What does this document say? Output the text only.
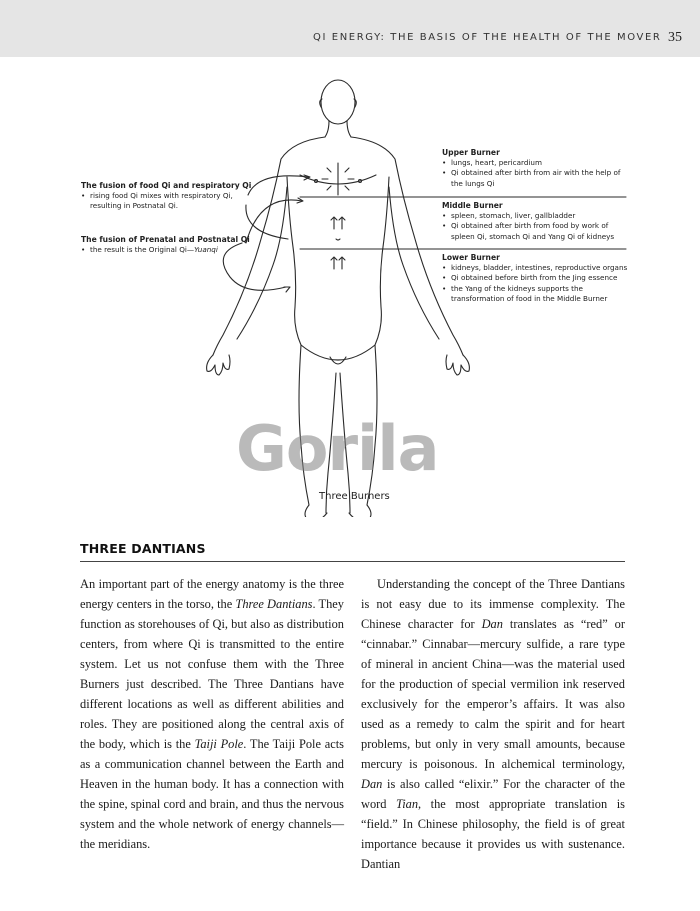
QI ENERGY: THE BASIS OF THE HEALTH OF THE MOVER 35
The fusion of food Qi and respiratory Qi
• rising food Qi mixes with respiratory Qi, resulting in Postnatal Qi.
The fusion of Prenatal and Postnatal Qi
• the result is the Original Qi—Yuanqi
Upper Burner
• lungs, heart, pericardium
• Qi obtained after birth from air with the help of the lungs Qi
Middle Burner
• spleen, stomach, liver, gallbladder
• Qi obtained after birth from food by work of spleen Qi, stomach Qi and Yang Qi of kidneys
Lower Burner
• kidneys, bladder, intestines, reproductive organs
• Qi obtained before birth from the Jing essence
• the Yang of the kidneys supports the transformation of food in the Middle Burner
Gorila
Three Burners
THREE DANTIANS

An important part of the energy anatomy is the three energy centers in the torso, the Three Dantians. They function as storehouses of Qi, but also as distribution centers, from where Qi is transmitted to the entire system. Let us not confuse them with the Three Burners just described. The Three Dantians have different locations as well as different abilities and roles. They are positioned along the central axis of the body, which is the Taiji Pole. The Taiji Pole acts as a communication channel between the Earth and Heaven in the human body. It has a connection with the spine, spinal cord and brain, and thus the nervous system and the whole network of energy channels—the meridians.

Understanding the concept of the Three Dantians is not easy due to its immense complexity. The Chinese character for Dan translates as “red” or “cinnabar.” Cinnabar—mercury sulfide, a rare type of mineral in ancient China—was the material used for the production of special vermilion ink reserved exclusively for the emperor’s affairs. It was also used as a remedy to calm the spirit and for heart problems, but only in very small amounts, because mercury is poisonous. In alchemical terminology, Dan is also called “elixir.” For the character of the word Tian, the most appropriate translation is “field.” In Chinese philosophy, the field is of great importance because it provides us with sustenance. Dantian
